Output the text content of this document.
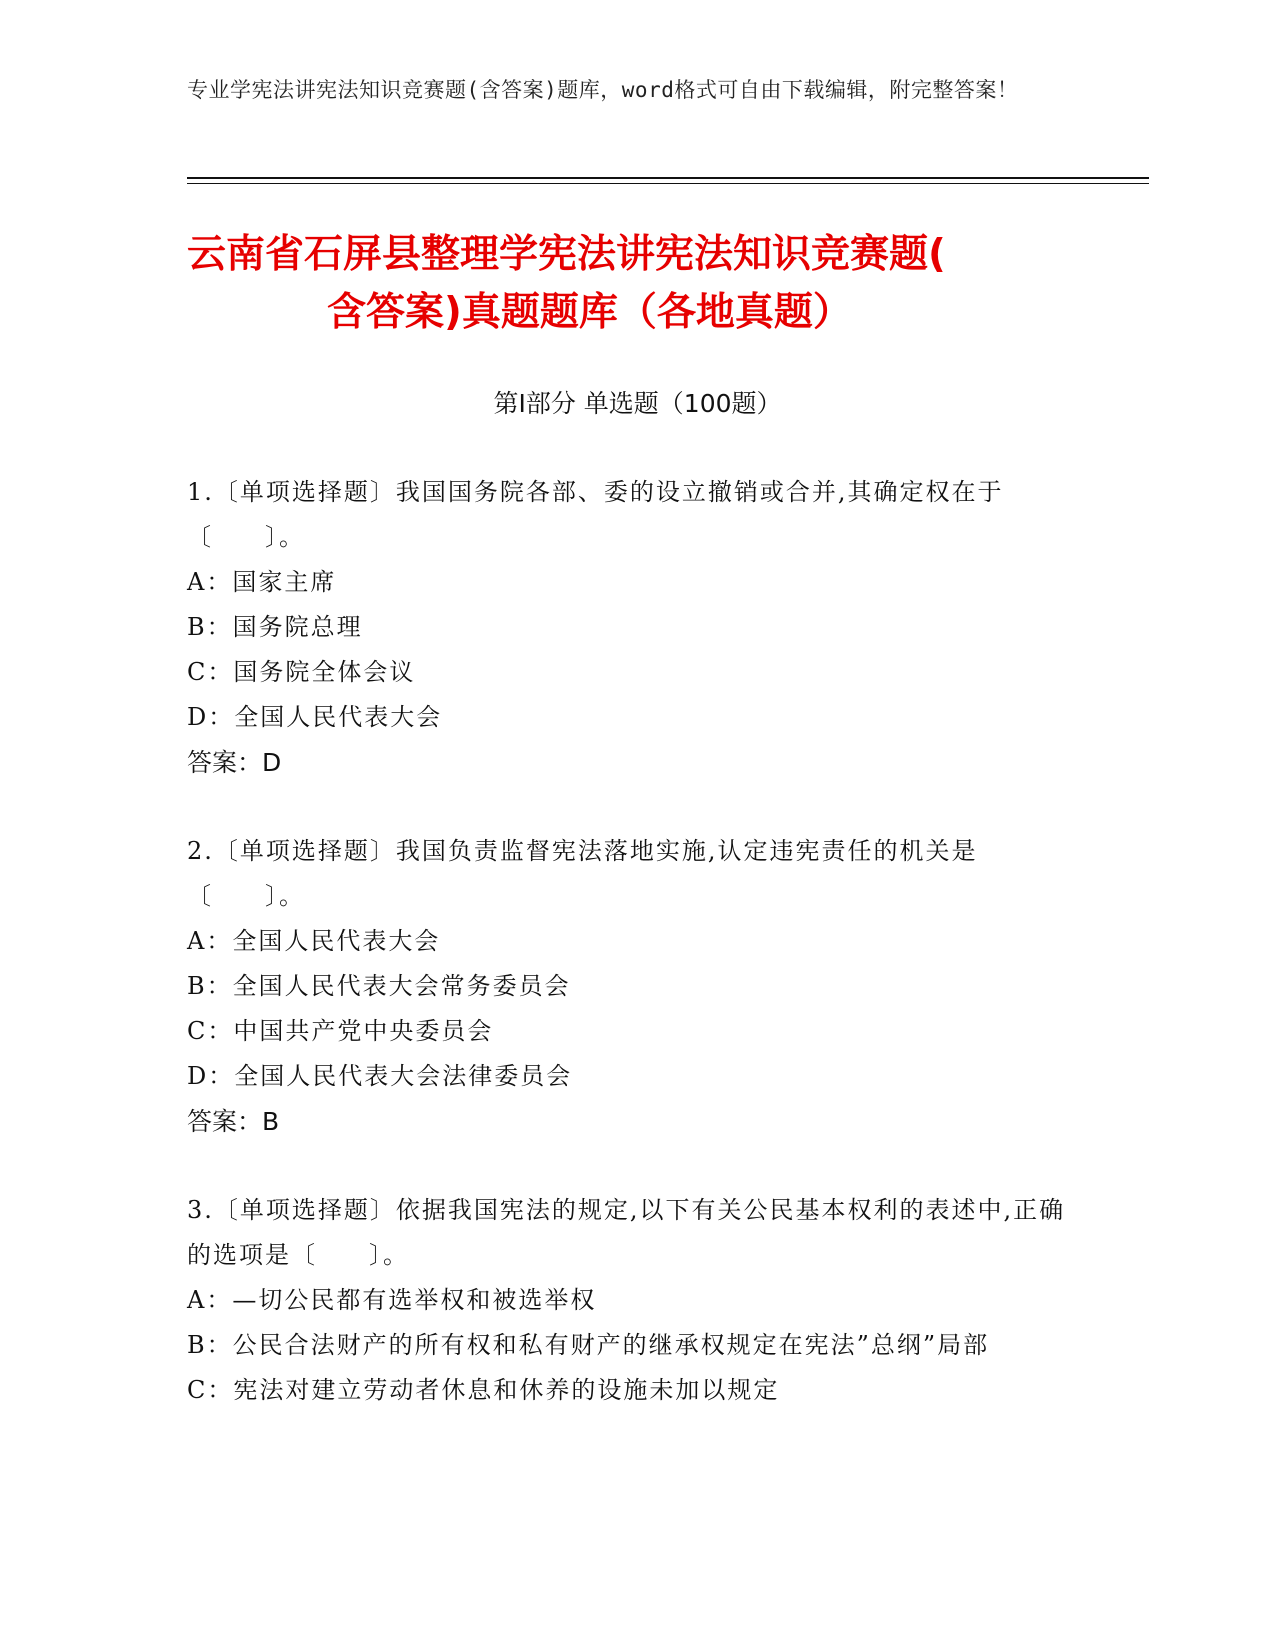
专业学宪法讲宪法知识竞赛题(含答案)题库，word格式可自由下载编辑，附完整答案！
云南省石屏县整理学宪法讲宪法知识竞赛题(
含答案)真题题库（各地真题）
第Ⅰ部分 单选题（100题）
1.〔单项选择题〕我国国务院各部、委的设立撤销或合并,其确定权在于〔　　〕。
A：国家主席
B：国务院总理
C：国务院全体会议
D：全国人民代表大会
答案：D
2.〔单项选择题〕我国负责监督宪法落地实施,认定违宪责任的机关是〔　　〕。
A：全国人民代表大会
B：全国人民代表大会常务委员会
C：中国共产党中央委员会
D：全国人民代表大会法律委员会
答案：B
3.〔单项选择题〕依据我国宪法的规定,以下有关公民基本权利的表述中,正确的选项是〔　　〕。
A：—切公民都有选举权和被选举权
B：公民合法财产的所有权和私有财产的继承权规定在宪法”总纲”局部
C：宪法对建立劳动者休息和休养的设施未加以规定
